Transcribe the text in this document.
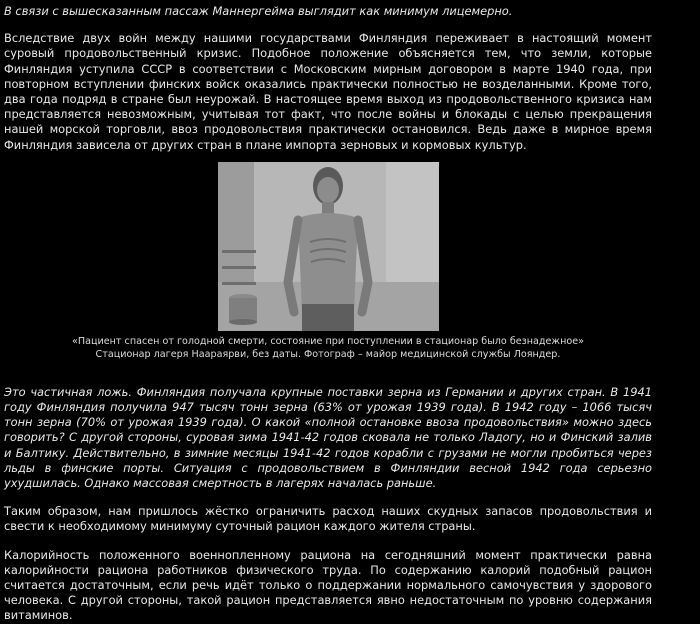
В связи с вышесказанным пассаж Маннергейма выглядит как минимум лицемерно.

Вследствие двух войн между нашими государствами Финляндия переживает в настоящий момент суровый продовольственный кризис. Подобное положение объясняется тем, что земли, которые Финляндия уступила СССР в соответствии с Московским мирным договором в марте 1940 года, при повторном вступлении финских войск оказались практически полностью не возделанными. Кроме того, два года подряд в стране был неурожай. В настоящее время выход из продовольственного кризиса нам представляется невозможным, учитывая тот факт, что после войны и блокады с целью прекращения нашей морской торговли, ввоз продовольствия практически остановился. Ведь даже в мирное время Финляндия зависела от других стран в плане импорта зерновых и кормовых культур.

«Пациент спасен от голодной смерти, состояние при поступлении в стационар было безнадежное»
Стационар лагеря Наараярви, без даты. Фотограф – майор медицинской службы Лояндер.

Это частичная ложь. Финляндия получала крупные поставки зерна из Германии и других стран. В 1941 году Финляндия получила 947 тысяч тонн зерна (63% от урожая 1939 года). В 1942 году – 1066 тысяч тонн зерна (70% от урожая 1939 года). О какой «полной остановке ввоза продовольствия» можно здесь говорить? С другой стороны, суровая зима 1941-42 годов сковала не только Ладогу, но и Финский залив и Балтику. Действительно, в зимние месяцы 1941-42 годов корабли с грузами не могли пробиться через льды в финские порты. Ситуация с продовольствием в Финляндии весной 1942 года серьезно ухудшилась. Однако массовая смертность в лагерях началась раньше.

Таким образом, нам пришлось жёстко ограничить расход наших скудных запасов продовольствия и свести к необходимому минимуму суточный рацион каждого жителя страны.

Калорийность положенного военнопленному рациона на сегодняшний момент практически равна калорийности рациона работников физического труда. По содержанию калорий подобный рацион считается достаточным, если речь идёт только о поддержании нормального самочувствия у здорового человека. С другой стороны, такой рацион представляется явно недостаточным по уровню содержания витаминов.
